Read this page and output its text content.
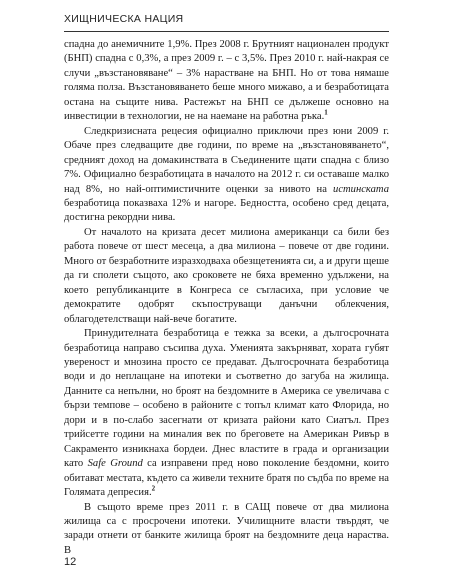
ХИЩНИЧЕСКА НАЦИЯ

спадна до анемичните 1,9%. През 2008 г. Брутният национален продукт (БНП) спадна с 0,3%, а през 2009 г. – с 3,5%. През 2010 г. най-накрая се случи „възстановяване“ – 3% нарастване на БНП. Но от това нямаше голяма полза. Възстановяването беше много мижаво, а и безработицата остана на същите нива. Растежът на БНП се дължеше основно на инвестиции в технологии, не на наемане на работна ръка.$^1$

Следкризисната рецесия официално приключи през юни 2009 г. Обаче през следващите две години, по време на „възстановяването“, средният доход на домакинствата в Съединените щати спадна с близо 7%. Официално безработицата в началото на 2012 г. си оставаше малко над 8%, но най-оптимистичните оценки за нивото на истинската безработица показваха 12% и нагоре. Бедността, особено сред децата, достигна рекордни нива.

От началото на кризата десет милиона американци са били без работа повече от шест месеца, а два милиона – повече от две години. Много от безработните изразходваха обезщетенията си, а и други щеше да ги сполети същото, ако сроковете не бяха временно удължени, на което републиканците в Конгреса се съгласиха, при условие че демократите одобрят скъпоструващи данъчни облекчения, облагодетелстващи най-вече богатите.

Принудителната безработица е тежка за всеки, а дългосрочната безработица направо съсипва духа. Уменията закърняват, хората губят увереност и мнозина просто се предават. Дългосрочната безработица води и до неплащане на ипотеки и съответно до загуба на жилища. Данните са непълни, но броят на бездомните в Америка се увеличава с бързи темпове – особено в районите с топъл климат като Флорида, но дори и в по-слабо засегнати от кризата райони като Сиатъл. През трийсетте години на миналия век по бреговете на Американ Ривър в Сакраменто изникнаха бордеи. Днес властите в града и организации като Safe Ground са изправени пред ново поколение бездомни, които обитават местата, където са живели техните братя по съдба по време на Голямата депресия.$^2$

В същото време през 2011 г. в САЩ повече от два милиона жилища са с просрочени ипотеки. Училищните власти твърдят, че заради отнети от банките жилища броят на бездомните деца нараства. В

12
